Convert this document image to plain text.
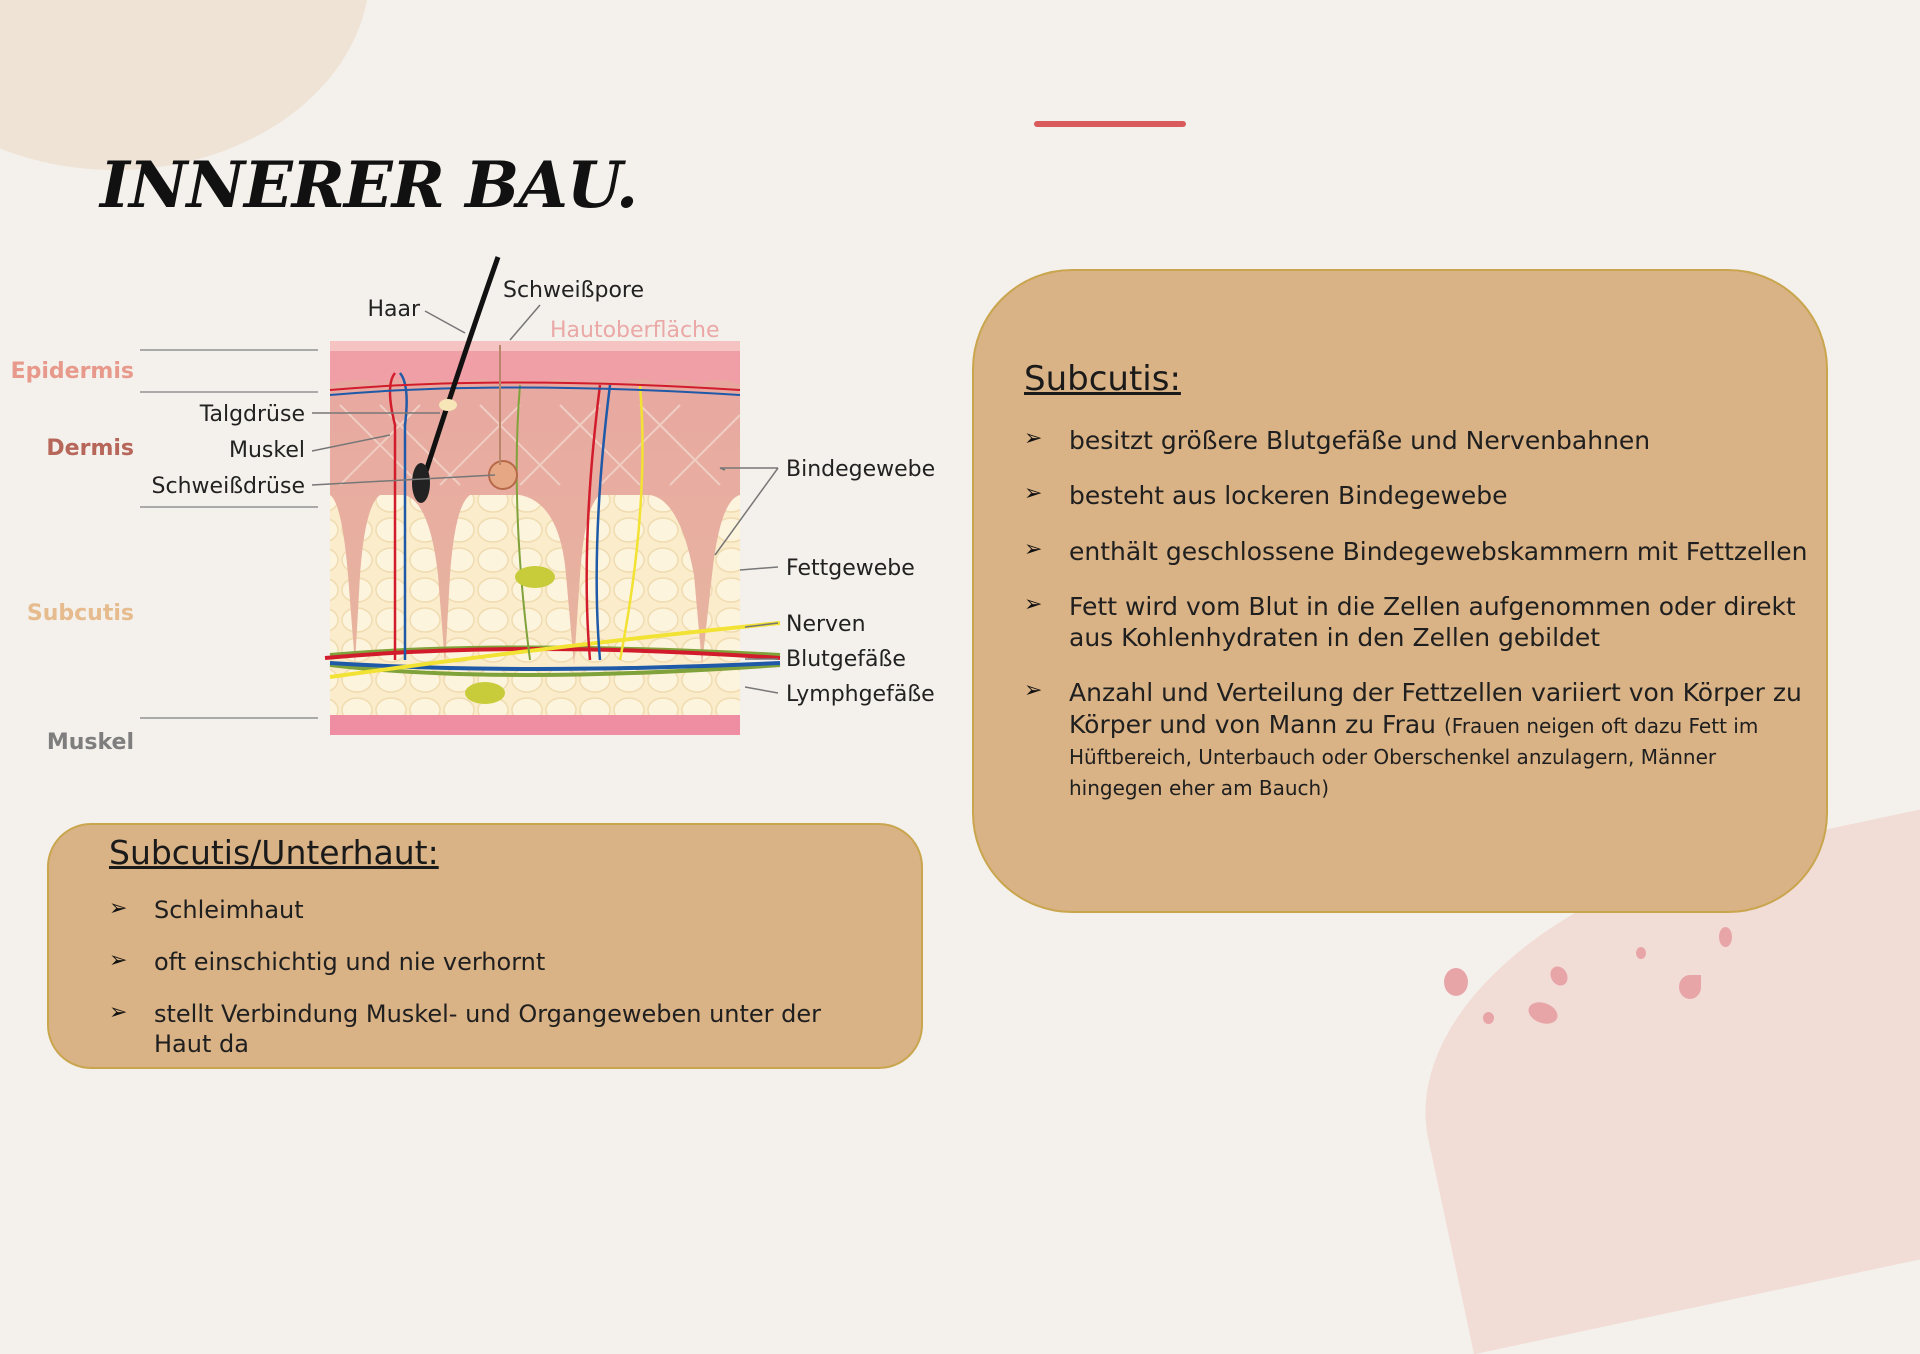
INNERER BAU.
Epidermis
Dermis
Subcutis
Muskel
Haar
Talgdrüse
Muskel
Schweißdrüse
Schweißpore
Hautoberfläche
Bindegewebe
Fettgewebe
Nerven
Blutgefäße
Lymphgefäße
Subcutis/Unterhaut:
➢ Schleimhaut
➢ oft einschichtig und nie verhornt
➢ stellt Verbindung Muskel- und Organgeweben unter der Haut da
Subcutis:
➢ besitzt größere Blutgefäße und Nervenbahnen
➢ besteht aus lockeren Bindegewebe
➢ enthält geschlossene Bindegewebskammern mit Fettzellen
➢ Fett wird vom Blut in die Zellen aufgenommen oder direkt aus Kohlenhydraten in den Zellen gebildet
➢ Anzahl und Verteilung der Fettzellen variiert von Körper zu Körper und von Mann zu Frau (Frauen neigen oft dazu Fett im Hüftbereich, Unterbauch oder Oberschenkel anzulagern, Männer hingegen eher am Bauch)
